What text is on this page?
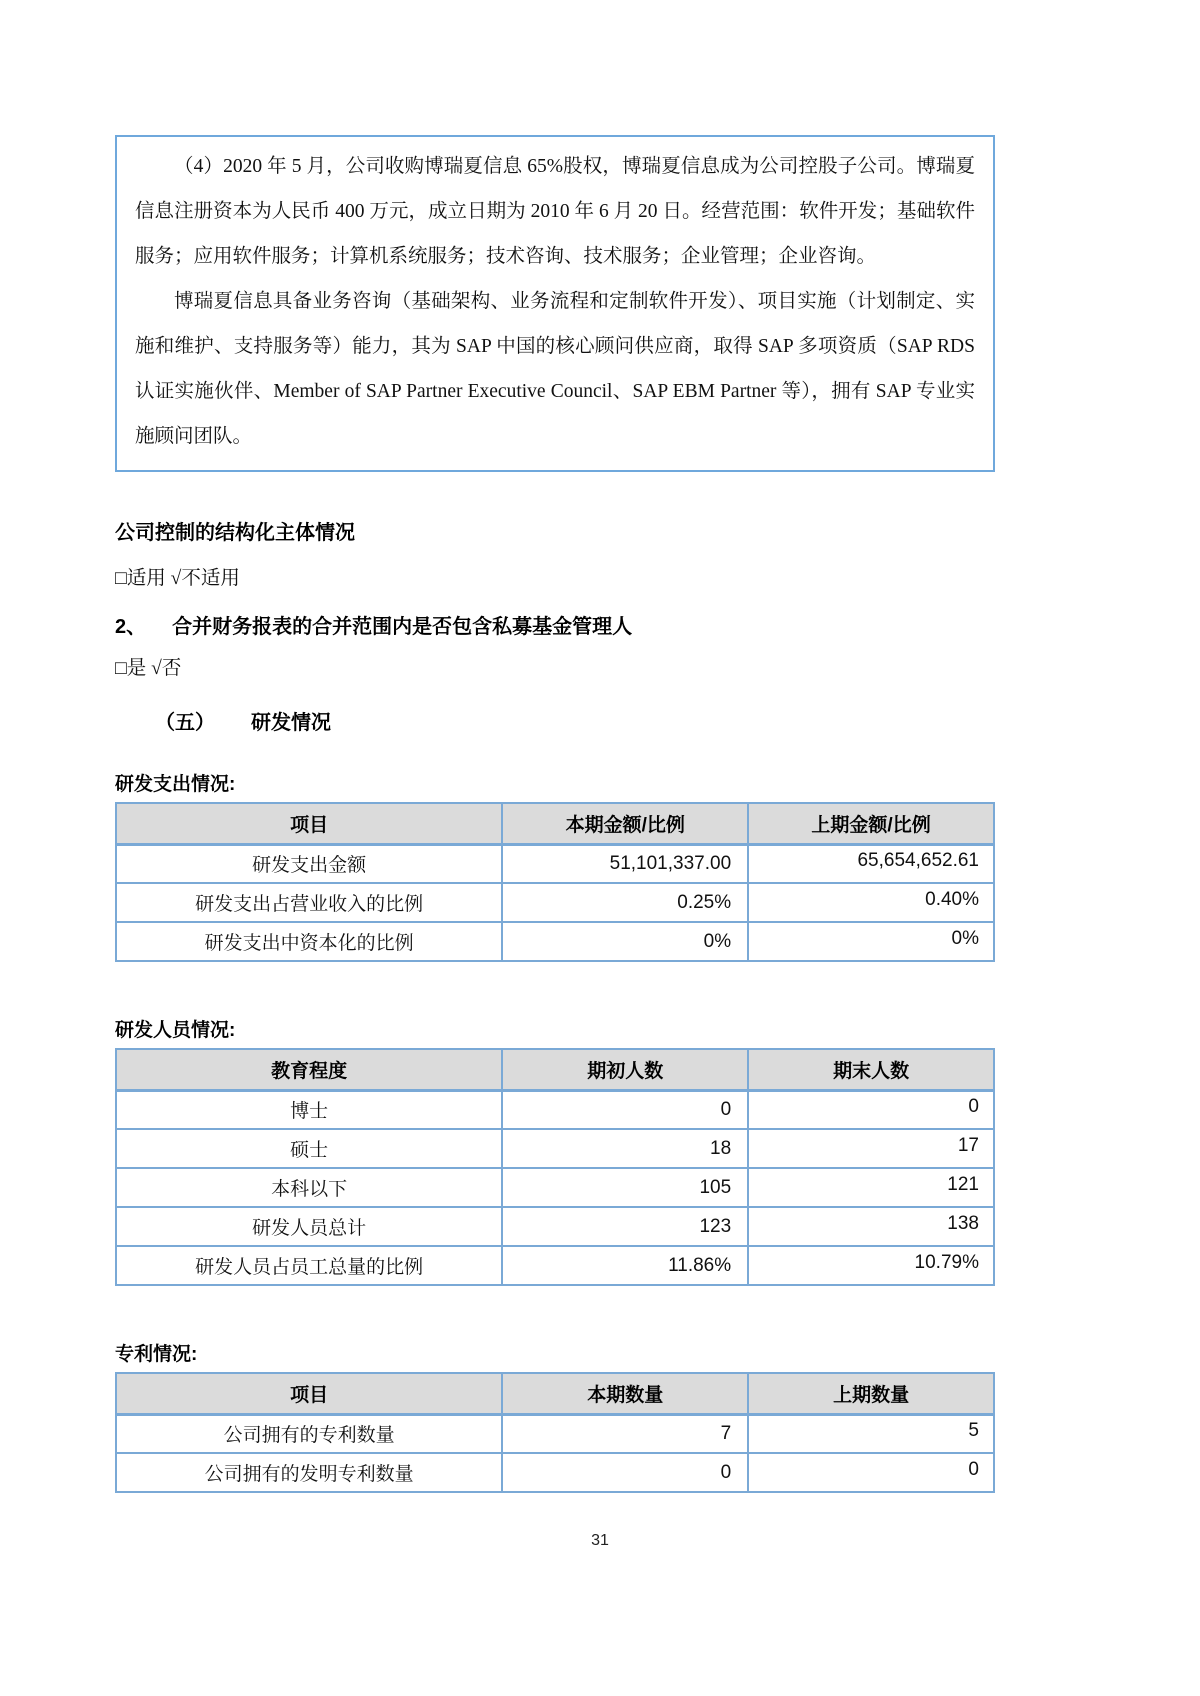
（4）2020 年 5 月，公司收购博瑞夏信息 65%股权，博瑞夏信息成为公司控股子公司。博瑞夏信息注册资本为人民币 400 万元，成立日期为 2010 年 6 月 20 日。经营范围：软件开发；基础软件服务；应用软件服务；计算机系统服务；技术咨询、技术服务；企业管理；企业咨询。

博瑞夏信息具备业务咨询（基础架构、业务流程和定制软件开发）、项目实施（计划制定、实施和维护、支持服务等）能力，其为 SAP 中国的核心顾问供应商，取得 SAP 多项资质（SAP RDS 认证实施伙伴、Member of SAP Partner Executive Council、SAP EBM Partner 等），拥有 SAP 专业实施顾问团队。

公司控制的结构化主体情况
□适用 √不适用
2、 合并财务报表的合并范围内是否包含私募基金管理人
□是 √否
（五） 研发情况
研发支出情况:
项目	本期金额/比例	上期金额/比例
研发支出金额	51,101,337.00	65,654,652.61
研发支出占营业收入的比例	0.25%	0.40%
研发支出中资本化的比例	0%	0%
研发人员情况:
教育程度	期初人数	期末人数
博士	0	0
硕士	18	17
本科以下	105	121
研发人员总计	123	138
研发人员占员工总量的比例	11.86%	10.79%
专利情况:
项目	本期数量	上期数量
公司拥有的专利数量	7	5
公司拥有的发明专利数量	0	0
31
